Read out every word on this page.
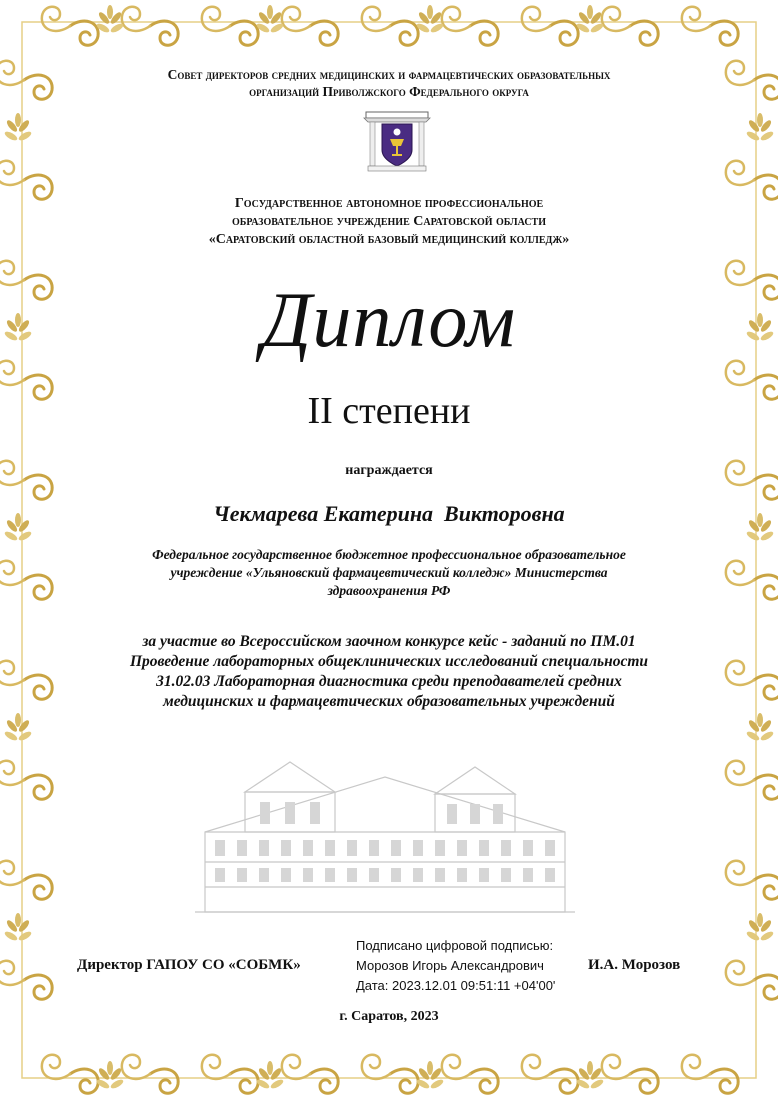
Совет директоров средних медицинских и фармацевтических образовательных
организаций Приволжского Федерального округа
Государственное автономное профессиональное
образовательное учреждение Саратовской области
«Саратовский областной базовый медицинский колледж»
Диплом
II степени
награждается
Чекмарева Екатерина  Викторовна
Федеральное государственное бюджетное профессиональное образовательное
учреждение «Ульяновский фармацевтический колледж» Министерства
здравоохранения РФ
за участие во Всероссийском заочном конкурсе кейс - заданий по ПМ.01
Проведение лабораторных общеклинических исследований специальности
31.02.03 Лабораторная диагностика среди преподавателей средних
медицинских и фармацевтических образовательных учреждений
Директор ГАПОУ СО «СОБМК»
Подписано цифровой подписью:
Морозов Игорь Александрович
Дата: 2023.12.01 09:51:11 +04'00'
И.А. Морозов
г. Саратов, 2023
